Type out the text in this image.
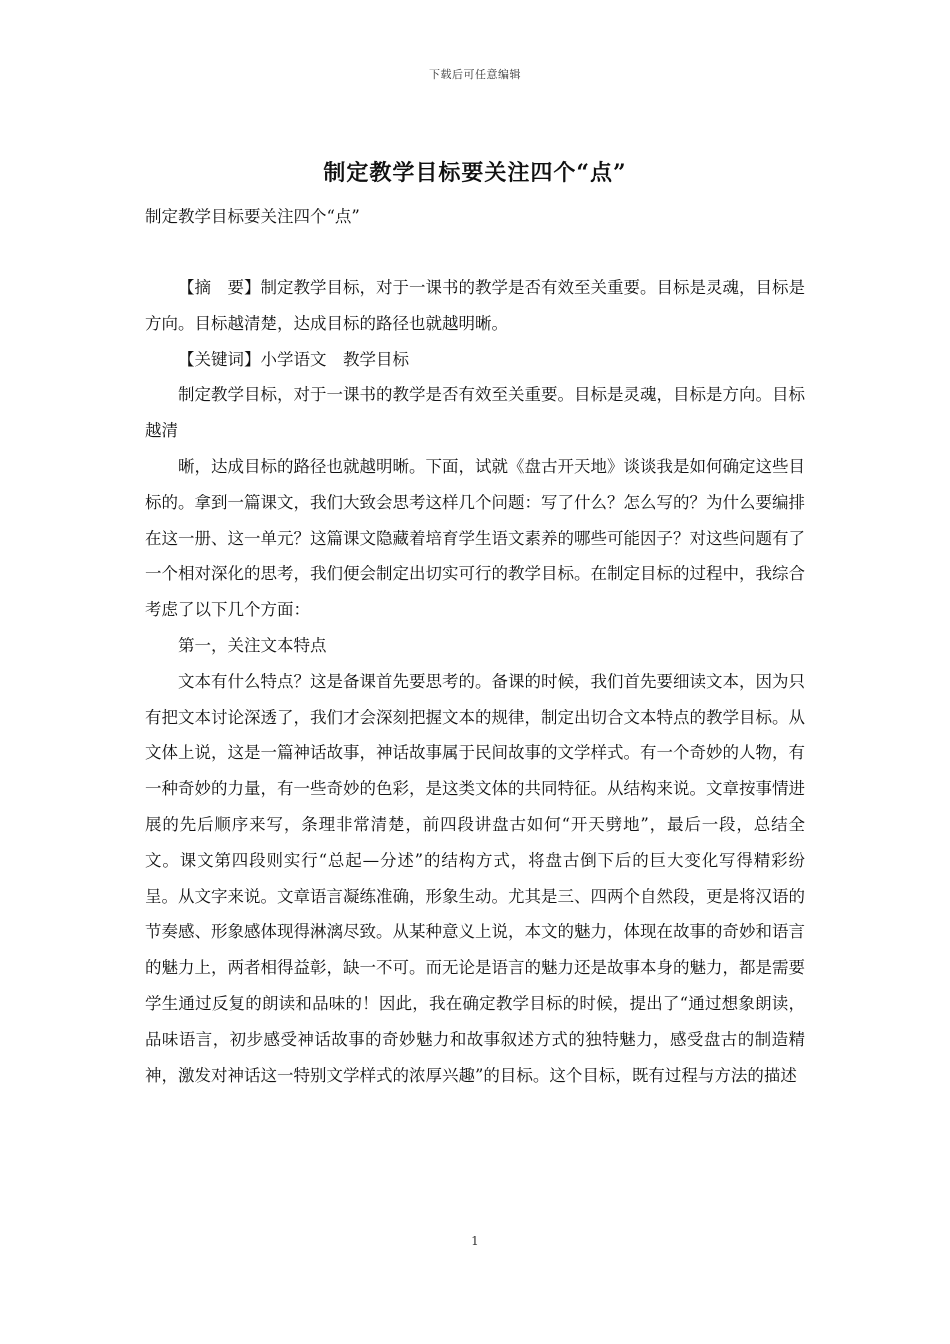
下载后可任意编辑
制定教学目标要关注四个“点”
制定教学目标要关注四个“点”

【摘　要】制定教学目标，对于一课书的教学是否有效至关重要。目标是灵魂，目标是方向。目标越清楚，达成目标的路径也就越明晰。

【关键词】小学语文　教学目标

制定教学目标，对于一课书的教学是否有效至关重要。目标是灵魂，目标是方向。目标越清

晰，达成目标的路径也就越明晰。下面，试就《盘古开天地》谈谈我是如何确定这些目标的。拿到一篇课文，我们大致会思考这样几个问题：写了什么？怎么写的？为什么要编排在这一册、这一单元？这篇课文隐藏着培育学生语文素养的哪些可能因子？对这些问题有了一个相对深化的思考，我们便会制定出切实可行的教学目标。在制定目标的过程中，我综合考虑了以下几个方面：

第一，关注文本特点

文本有什么特点？这是备课首先要思考的。备课的时候，我们首先要细读文本，因为只有把文本讨论深透了，我们才会深刻把握文本的规律，制定出切合文本特点的教学目标。从文体上说，这是一篇神话故事，神话故事属于民间故事的文学样式。有一个奇妙的人物，有一种奇妙的力量，有一些奇妙的色彩，是这类文体的共同特征。从结构来说。文章按事情进展的先后顺序来写，条理非常清楚，前四段讲盘古如何“开天劈地”，最后一段，总结全文。课文第四段则实行“总起—分述”的结构方式，将盘古倒下后的巨大变化写得精彩纷呈。从文字来说。文章语言凝练准确，形象生动。尤其是三、四两个自然段，更是将汉语的节奏感、形象感体现得淋漓尽致。从某种意义上说，本文的魅力，体现在故事的奇妙和语言的魅力上，两者相得益彰，缺一不可。而无论是语言的魅力还是故事本身的魅力，都是需要学生通过反复的朗读和品味的！因此，我在确定教学目标的时候，提出了“通过想象朗读，品味语言，初步感受神话故事的奇妙魅力和故事叙述方式的独特魅力，感受盘古的制造精神，激发对神话这一特别文学样式的浓厚兴趣”的目标。这个目标，既有过程与方法的描述

1
